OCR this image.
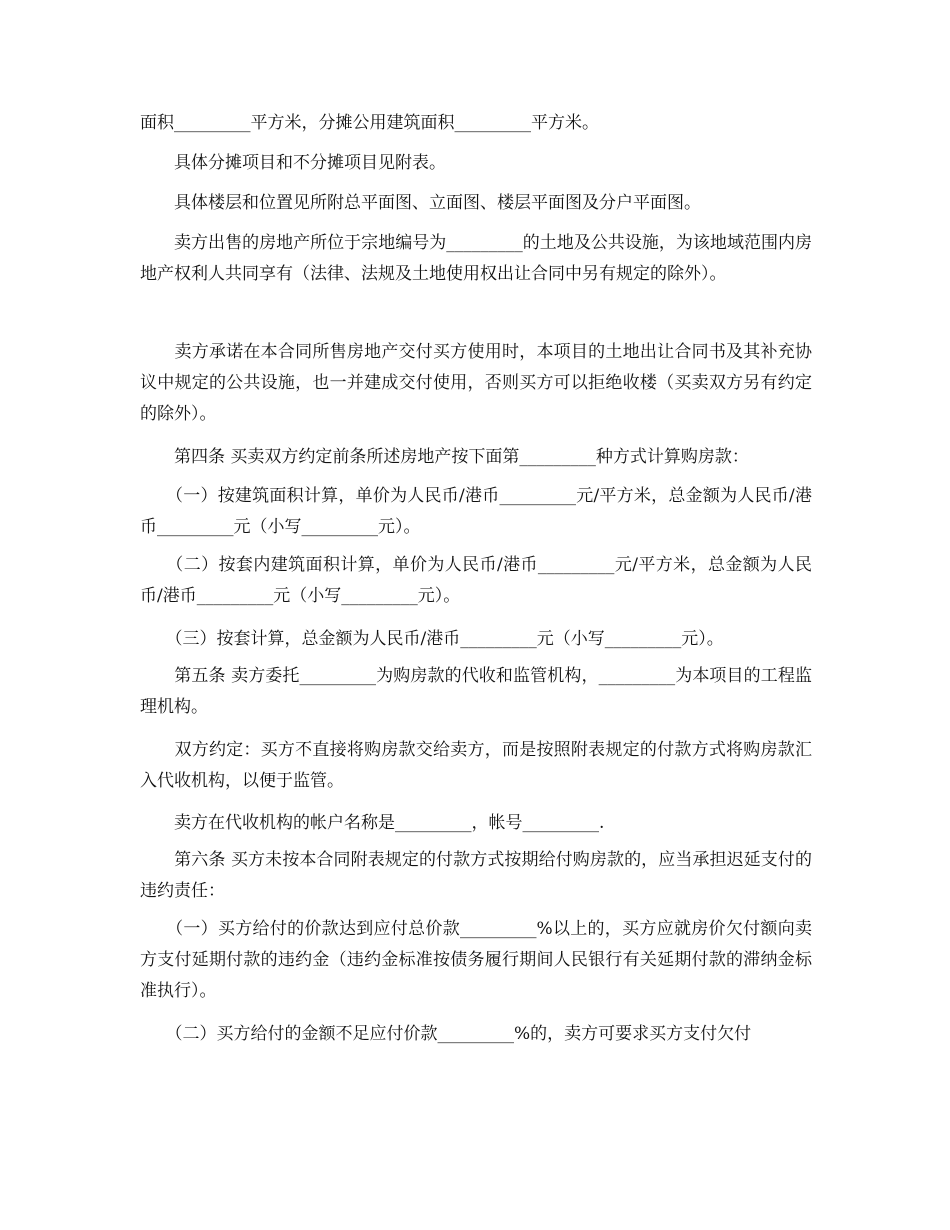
面积_________平方米，分摊公用建筑面积_________平方米。

　　具体分摊项目和不分摊项目见附表。

　　具体楼层和位置见所附总平面图、立面图、楼层平面图及分户平面图。

　　卖方出售的房地产所位于宗地编号为_________的土地及公共设施，为该地域范围内房地产权利人共同享有（法律、法规及土地使用权出让合同中另有规定的除外）。

　　卖方承诺在本合同所售房地产交付买方使用时，本项目的土地出让合同书及其补充协议中规定的公共设施，也一并建成交付使用，否则买方可以拒绝收楼（买卖双方另有约定的除外）。

　　第四条 买卖双方约定前条所述房地产按下面第_________种方式计算购房款：

　　（一）按建筑面积计算，单价为人民币/港币_________元/平方米，总金额为人民币/港币_________元（小写_________元）。

　　（二）按套内建筑面积计算，单价为人民币/港币_________元/平方米，总金额为人民币/港币_________元（小写_________元）。

　　（三）按套计算，总金额为人民币/港币_________元（小写_________元）。

　　第五条 卖方委托_________为购房款的代收和监管机构，_________为本项目的工程监理机构。

　　双方约定：买方不直接将购房款交给卖方，而是按照附表规定的付款方式将购房款汇入代收机构，以便于监管。

　　卖方在代收机构的帐户名称是_________，帐号_________.

　　第六条 买方未按本合同附表规定的付款方式按期给付购房款的，应当承担迟延支付的违约责任：

　　（一）买方给付的价款达到应付总价款_________%以上的，买方应就房价欠付额向卖方支付延期付款的违约金（违约金标准按债务履行期间人民银行有关延期付款的滞纳金标准执行）。

　　（二）买方给付的金额不足应付价款_________%的，卖方可要求买方支付欠付
